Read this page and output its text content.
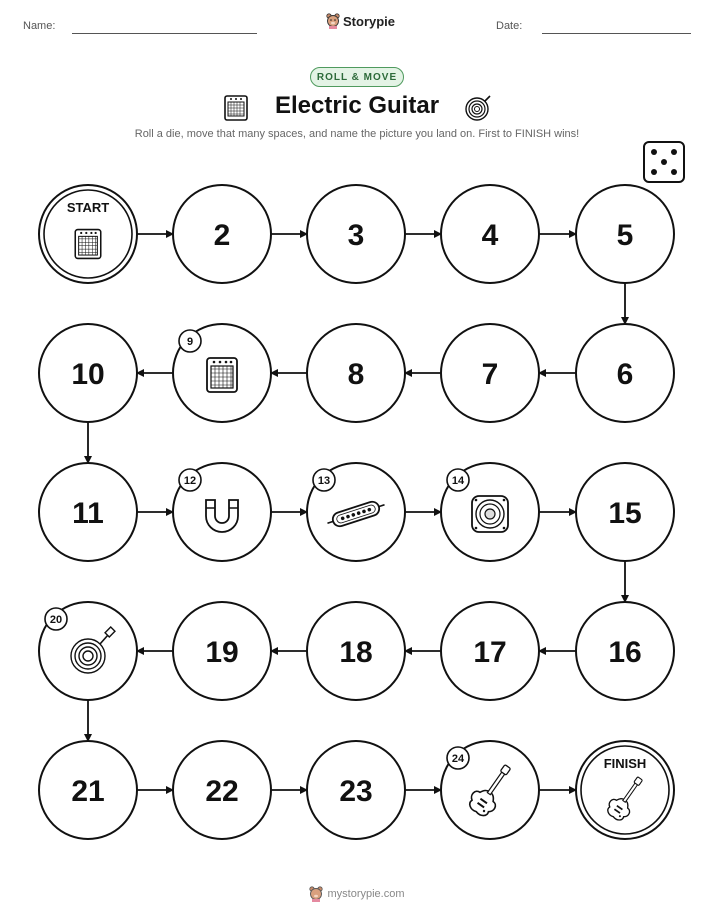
Name:	Storypie	Date:
ROLL & MOVE
Electric Guitar
Roll a die, move that many spaces, and name the picture you land on. First to FINISH wins!
START
2	3	4	5
6
7
8
9
10
11
12	13	14
15
16
17
18
19
20
21	22	23
24	FINISH
mystorypie.com
